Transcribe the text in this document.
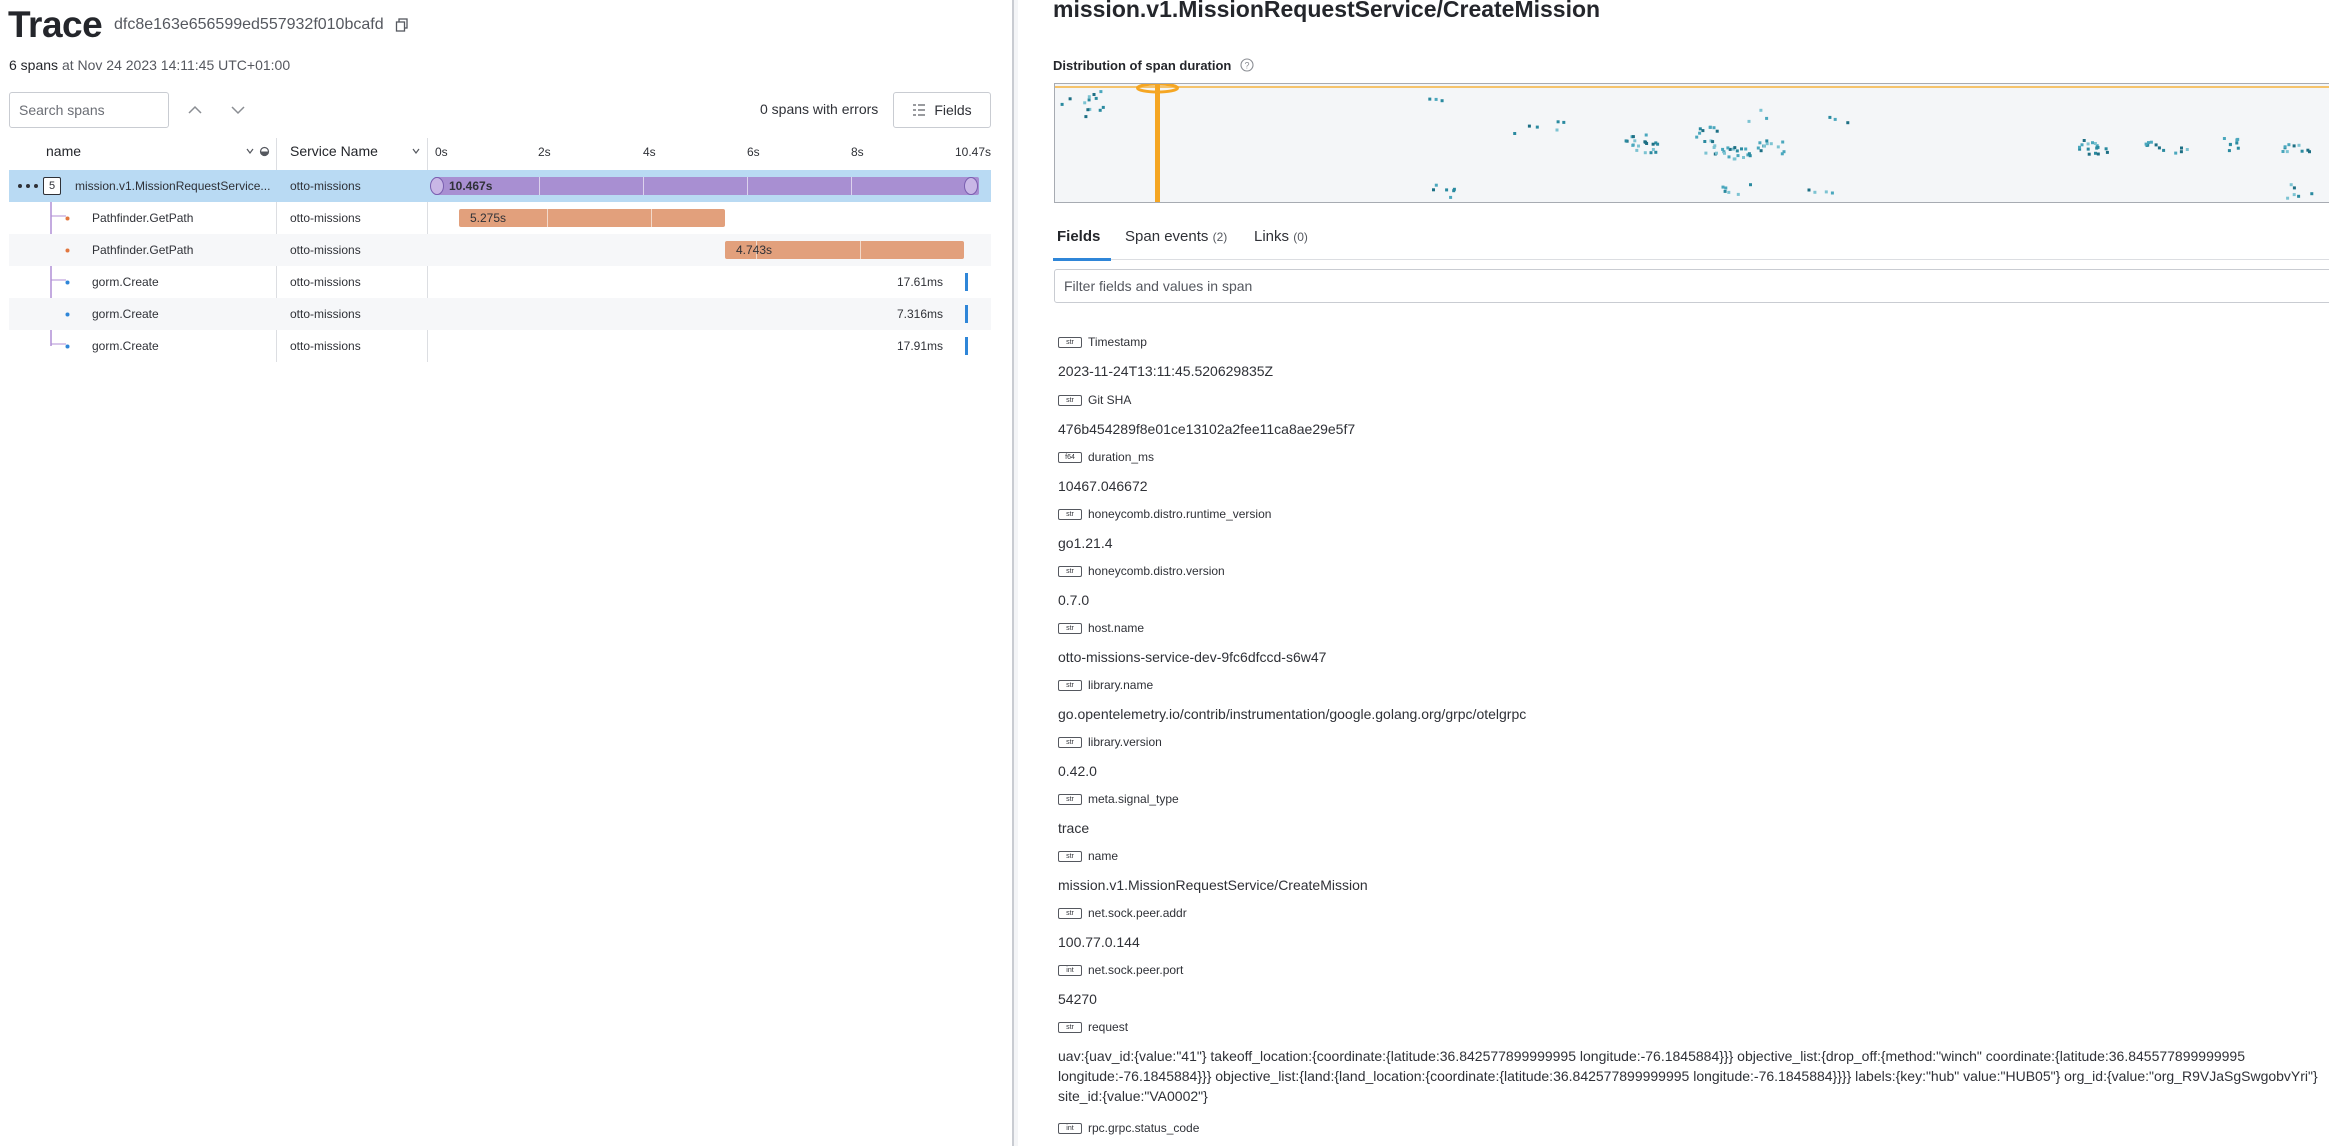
Trace dfc8e163e656599ed557932f010bcafd
6 spans at Nov 24 2023 14:11:45 UTC+01:00
Search spans
0 spans with errors	Fields
name	Service Name	0s	2s	4s	6s	8s	10.47s
5	mission.v1.MissionRequestService... otto-missions	10.467s
Pathfinder.GetPath	otto-missions	5.275s
Pathfinder.GetPath	otto-missions	4.743s
gorm.Create	otto-missions	17.61ms
gorm.Create	otto-missions	7.316ms
gorm.Create	otto-missions	17.91ms
mission.v1.MissionRequestService/CreateMission
Distribution of span duration ?
Fields Span events (2) Links (0)
Filter fields and values in span
str	Timestamp
2023-11-24T13:11:45.520629835Z
str	Git SHA
476b454289f8e01ce13102a2fee11ca8ae29e5f7
f64	duration_ms
10467.046672
str	honeycomb.distro.runtime_version
go1.21.4
str	honeycomb.distro.version
0.7.0
str	host.name
otto-missions-service-dev-9fc6dfccd-s6w47
str	library.name
go.opentelemetry.io/contrib/instrumentation/google.golang.org/grpc/otelgrpc
str	library.version
0.42.0
str	meta.signal_type
trace
str	name
mission.v1.MissionRequestService/CreateMission
str	net.sock.peer.addr
100.77.0.144
int	net.sock.peer.port
54270
str	request
uav:{uav_id:{value:"41"} takeoff_location:{coordinate:{latitude:36.842577899999995 longitude:-76.1845884}}} objective_list:{drop_off:{method:"winch" coordinate:{latitude:36.845577899999995 longitude:-76.1845884}}} objective_list:{land:{land_location:{coordinate:{latitude:36.842577899999995 longitude:-76.1845884}}}} labels:{key:"hub" value:"HUB05"} org_id:{value:"org_R9VJaSgSwgobvYri"} site_id:{value:"VA0002"}
int	rpc.grpc.status_code
